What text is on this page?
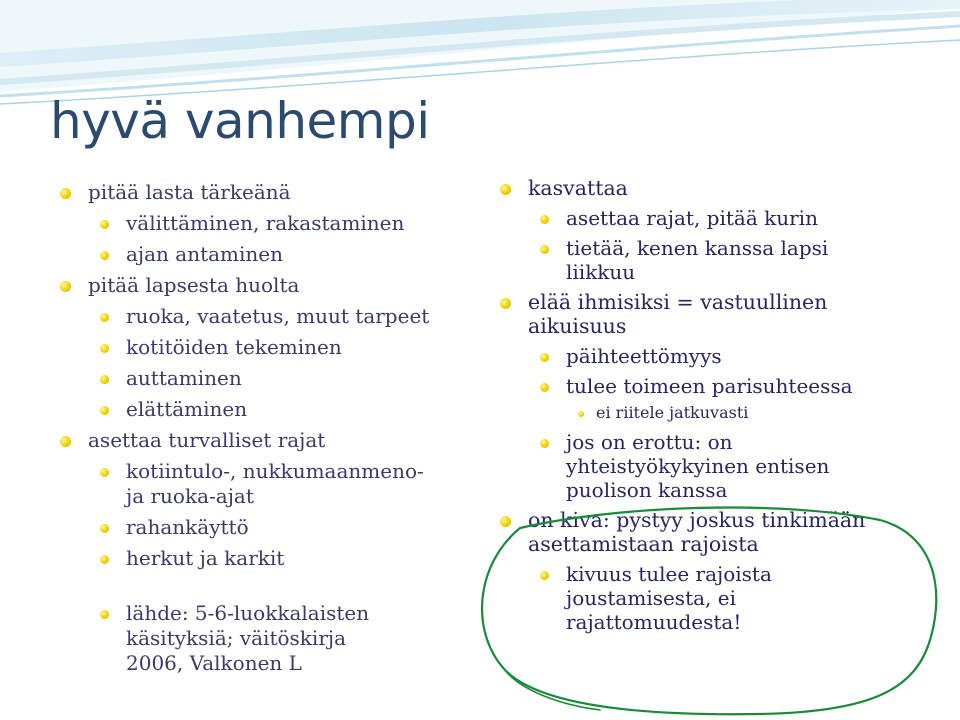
hyvä vanhempi
pitää lasta tärkeänä
välittäminen, rakastaminen
ajan antaminen
pitää lapsesta huolta
ruoka, vaatetus, muut tarpeet
kotitöiden tekeminen
auttaminen
elättäminen
asettaa turvalliset rajat
kotiintulo-, nukkumaanmeno- ja ruoka-ajat
rahankäyttö
herkut ja karkit
lähde: 5-6-luokkalaisten käsityksiä; väitöskirja 2006, Valkonen L
kasvattaa
asettaa rajat, pitää kurin
tietää, kenen kanssa lapsi liikkuu
elää ihmisiksi = vastuullinen aikuisuus
päihteettömyys
tulee toimeen parisuhteessa
ei riitele jatkuvasti
jos on erottu: on yhteistyökykyinen entisen puolison kanssa
on kiva: pystyy joskus tinkimään asettamistaan rajoista
kivuus tulee rajoista joustamisesta, ei rajattomuudesta!
